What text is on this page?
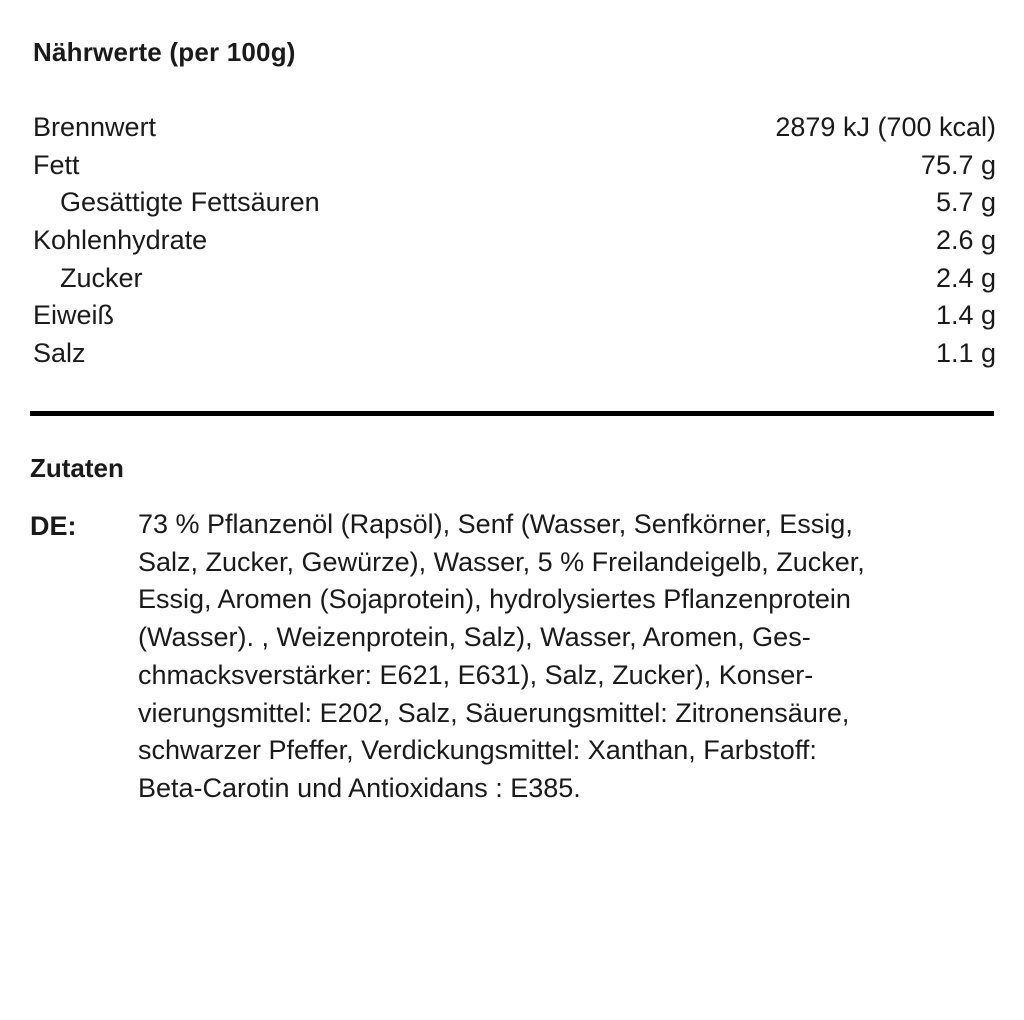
Nährwerte (per 100g)
Brennwert	2879 kJ (700 kcal)
Fett	75.7 g
Gesättigte Fettsäuren	5.7 g
Kohlenhydrate	2.6 g
Zucker	2.4 g
Eiweiß	1.4 g
Salz	1.1 g
Zutaten
DE: 73 % Pflanzenöl (Rapsöl), Senf (Wasser, Senfkörner, Essig,
Salz, Zucker, Gewürze), Wasser, 5 % Freilandeigelb, Zucker,
Essig, Aromen (Sojaprotein), hydrolysiertes Pflanzenprotein
(Wasser). , Weizenprotein, Salz), Wasser, Aromen, Ges-
chmacksverstärker: E621, E631), Salz, Zucker), Konser-
vierungsmittel: E202, Salz, Säuerungsmittel: Zitronensäure,
schwarzer Pfeffer, Verdickungsmittel: Xanthan, Farbstoff:
Beta-Carotin und Antioxidans : E385.
